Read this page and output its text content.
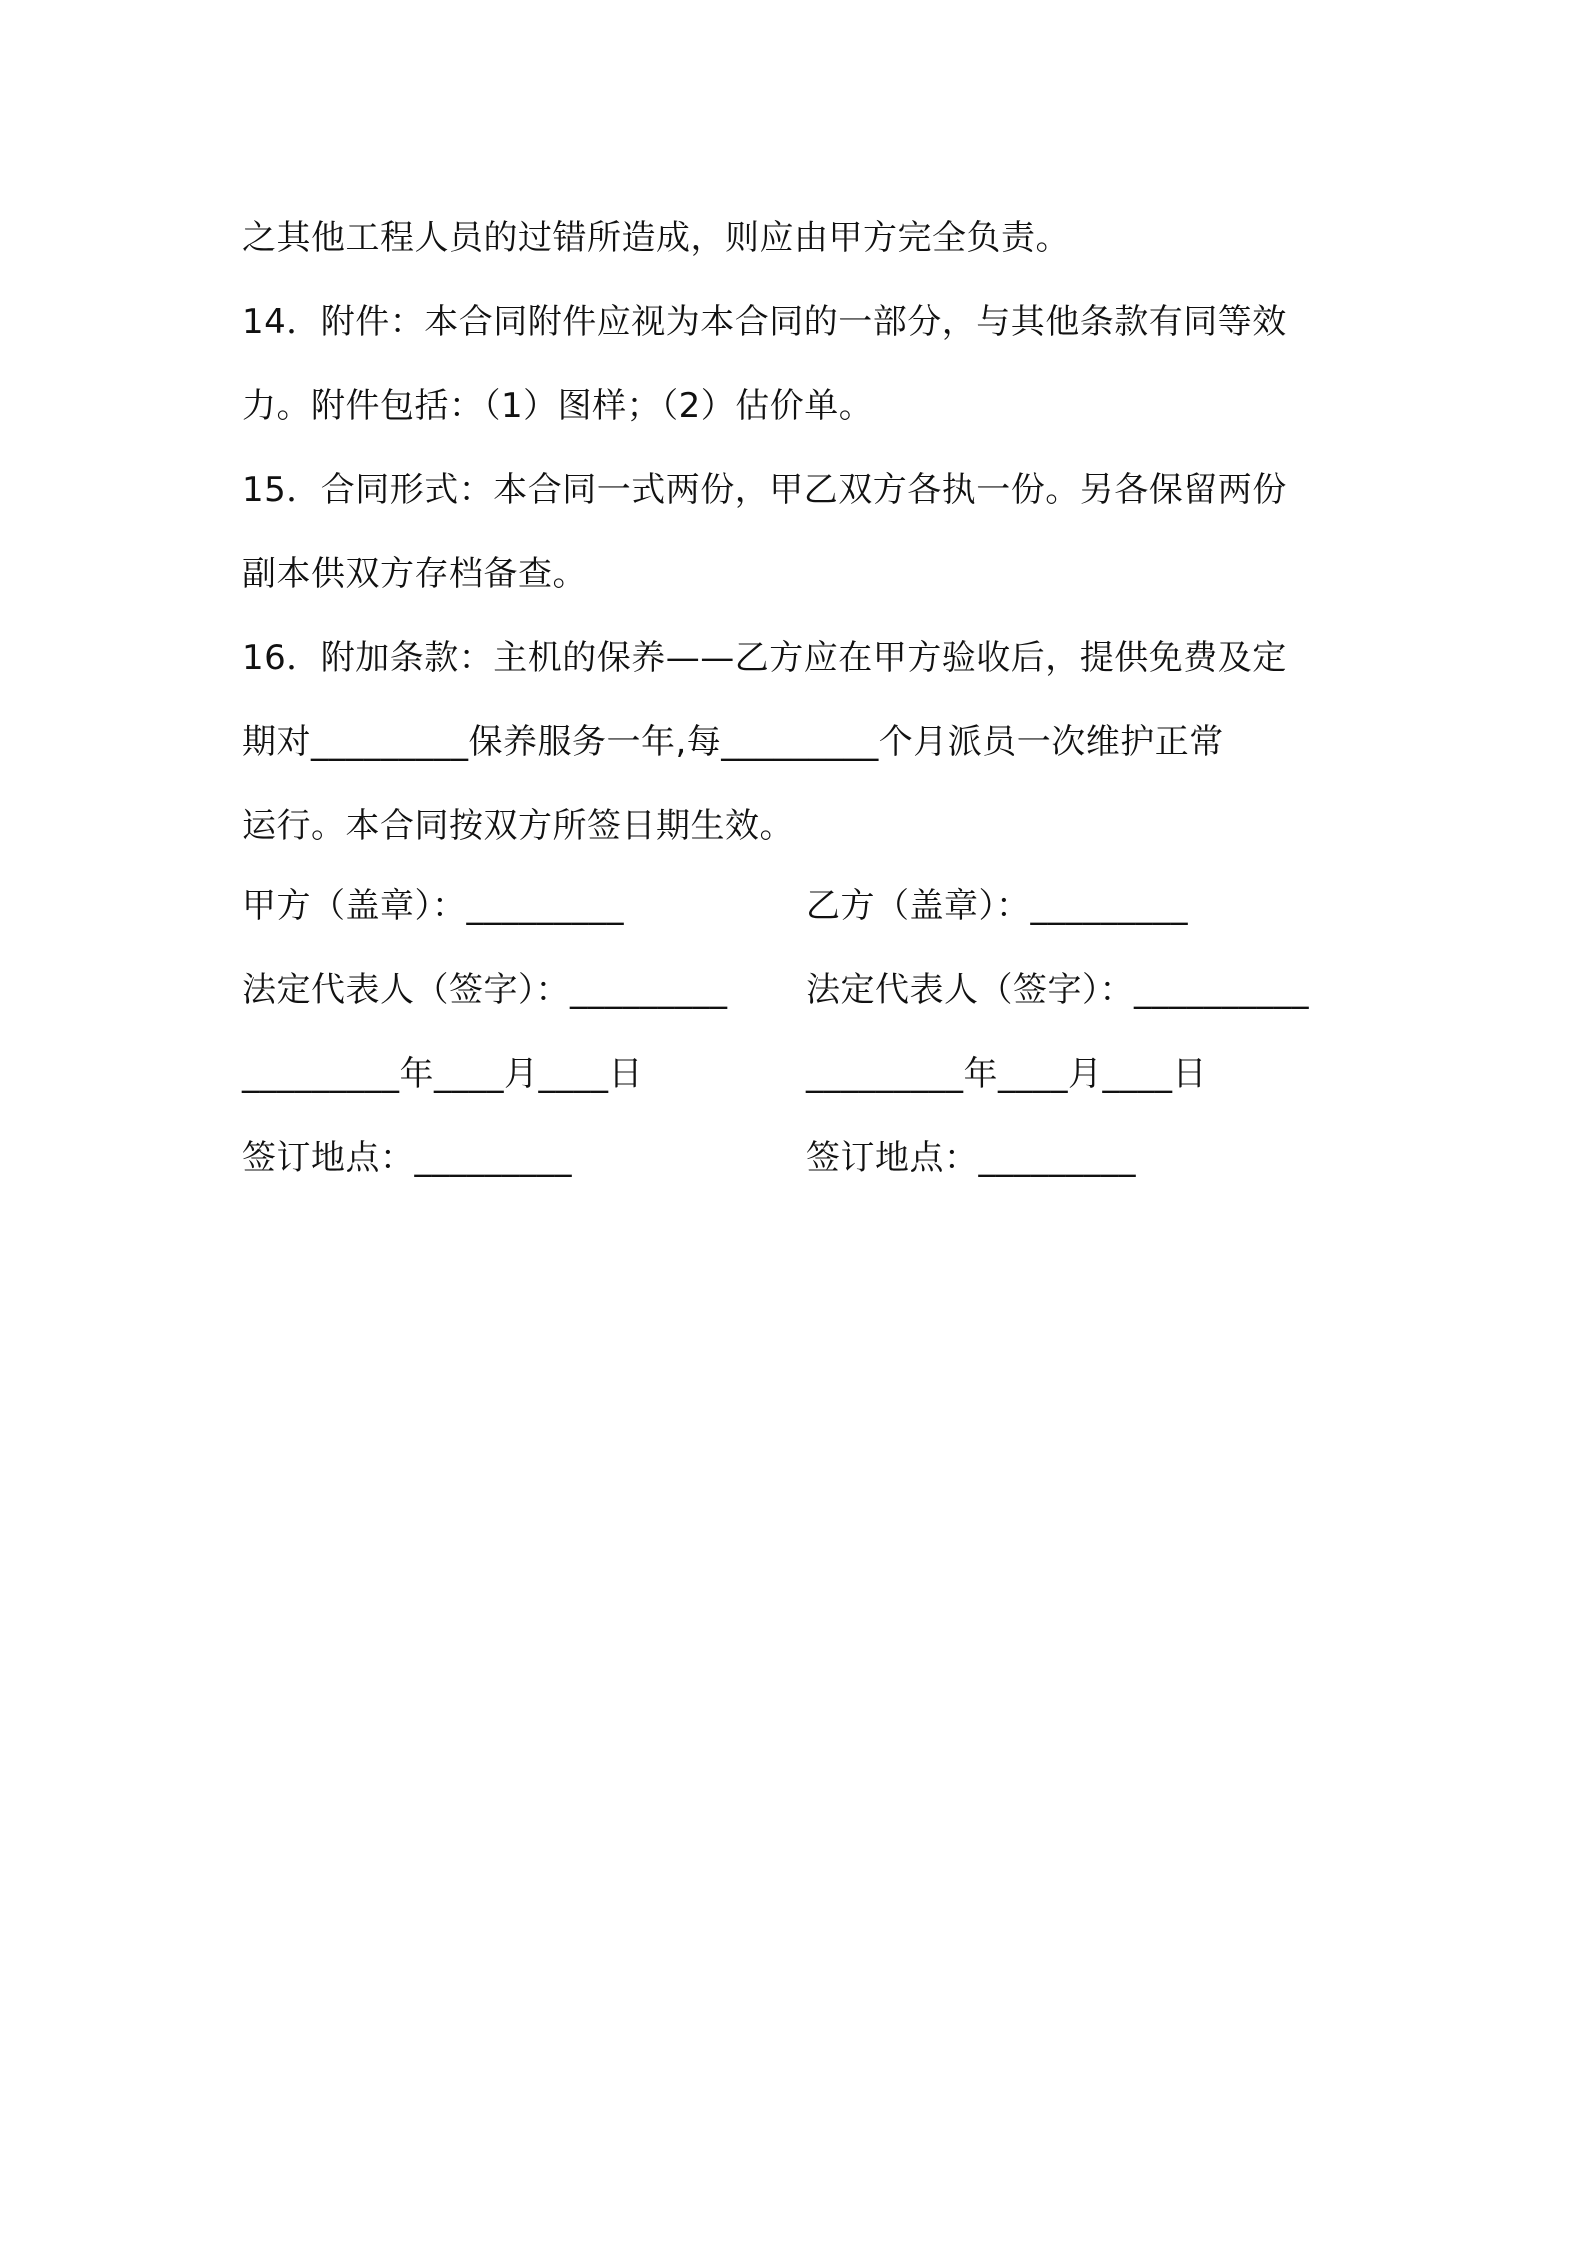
之其他工程人员的过错所造成，则应由甲方完全负责。
14．附件：本合同附件应视为本合同的一部分，与其他条款有同等效
力。附件包括：（1）图样；（2）估价单。
15．合同形式：本合同一式两份，甲乙双方各执一份。另各保留两份
副本供双方存档备查。
16．附加条款：主机的保养——乙方应在甲方验收后，提供免费及定
期对_________保养服务一年,每_________个月派员一次维护正常
运行。本合同按双方所签日期生效。
甲方（盖章）：_________	乙方（盖章）：_________
法定代表人（签字）：_________	法定代表人（签字）：__________
_________年____月____日	_________年____月____日
签订地点：_________	签订地点：_________
